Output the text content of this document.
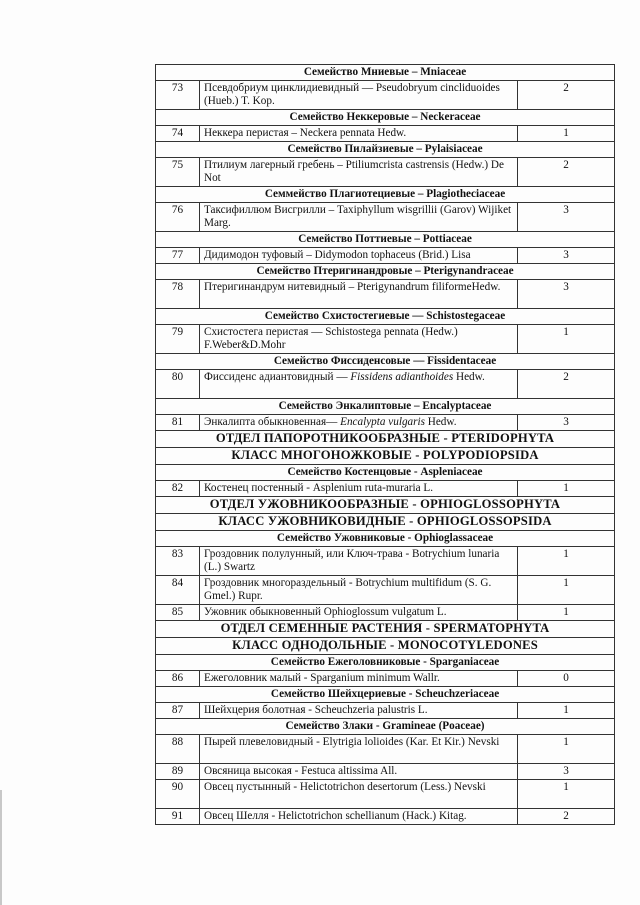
Семейство Мниевые – Mniaceae		
73	Псевдобриум цинклидиевидный — Pseudobryum cincliduoides (Hueb.) T. Kop.	2
Семейство Неккеровые – Neckeraceae		
74	Неккера перистая – Neckera pennata Hedw.	1
Семейство Пилайзиевые – Pylaisiaceae		
75	Птилиум лагерный гребень – Ptiliumcrista castrensis (Hedw.) De Not	2
Семмейство Плагиотециевые – Plagiotheciaceae		
76	Таксифиллюм Висгрилли – Taxiphyllum wisgrillii (Garov) Wijiket Marg.	3
Семейство Поттиевые – Pottiaceae		
77	Дидимодон туфовый – Didymodon tophaceus (Brid.) Lisa	3
Семейство Птеригинандровые – Pterigynandraceae		
78	Птеригинандрум нитевидный – Pterigynandrum filiformeHedw.	3
Семейство Схистостегиевые — Schistostegaceae		
79	Схистостега перистая — Schistostega pennata (Hedw.) F.Weber&D.Mohr	1
Семейство Фиссиденсовые — Fissidentaceae		
80	Фиссиденс адиантовидный — Fissidens adianthoides Hedw.	2
Семейство Энкалиптовые – Encalyptaceae		
81	Энкалипта обыкновенная— Encalypta vulgaris Hedw.	3
ОТДЕЛ ПАПОРОТНИКООБРАЗНЫЕ - PTERIDOPHYTA		
КЛАСС МНОГОНОЖКОВЫЕ - POLYPODIOPSIDA		
Семейство Костенцовые - Aspleniaceae		
82	Костенец постенный - Asplenium ruta-muraria L.	1
ОТДЕЛ УЖОВНИКООБРАЗНЫЕ - OPHIOGLOSSOPHYTA		
КЛАСС УЖОВНИКОВИДНЫЕ - OPHIOGLOSSOPSIDA		
Семейство Ужовниковые - Ophioglassaceae		
83	Гроздовник полулунный, или Ключ-трава - Botrychium lunaria (L.) Swartz	1
84	Гроздовник многораздельный - Botrychium multifidum (S. G. Gmel.) Rupr.	1
85	Ужовник обыкновенный Ophioglossum vulgatum L.	1
ОТДЕЛ СЕМЕННЫЕ РАСТЕНИЯ - SPERMATOPHYTA		
КЛАСС ОДНОДОЛЬНЫЕ - MONOCOTYLEDONES		
Семейство Ежеголовниковые - Sparganiaceae		
86	Ежеголовник малый - Sparganium minimum Wallr.	0
Семейство Шейхцериевые - Scheuchzeriaceae		
87	Шейхцерия болотная - Scheuchzeria palustris L.	1
Семейство Злаки - Gramineae (Poaceae)		
88	Пырей плевеловидный - Elytrigia lolioides (Kar. Et Kir.) Nevski	1
89	Овсяница высокая - Festuca altissima All.	3
90	Овсец пустынный - Helictotrichon desertorum (Less.) Nevski	1
91	Овсец Шелля - Helictotrichon schellianum (Hack.) Kitag.	2
